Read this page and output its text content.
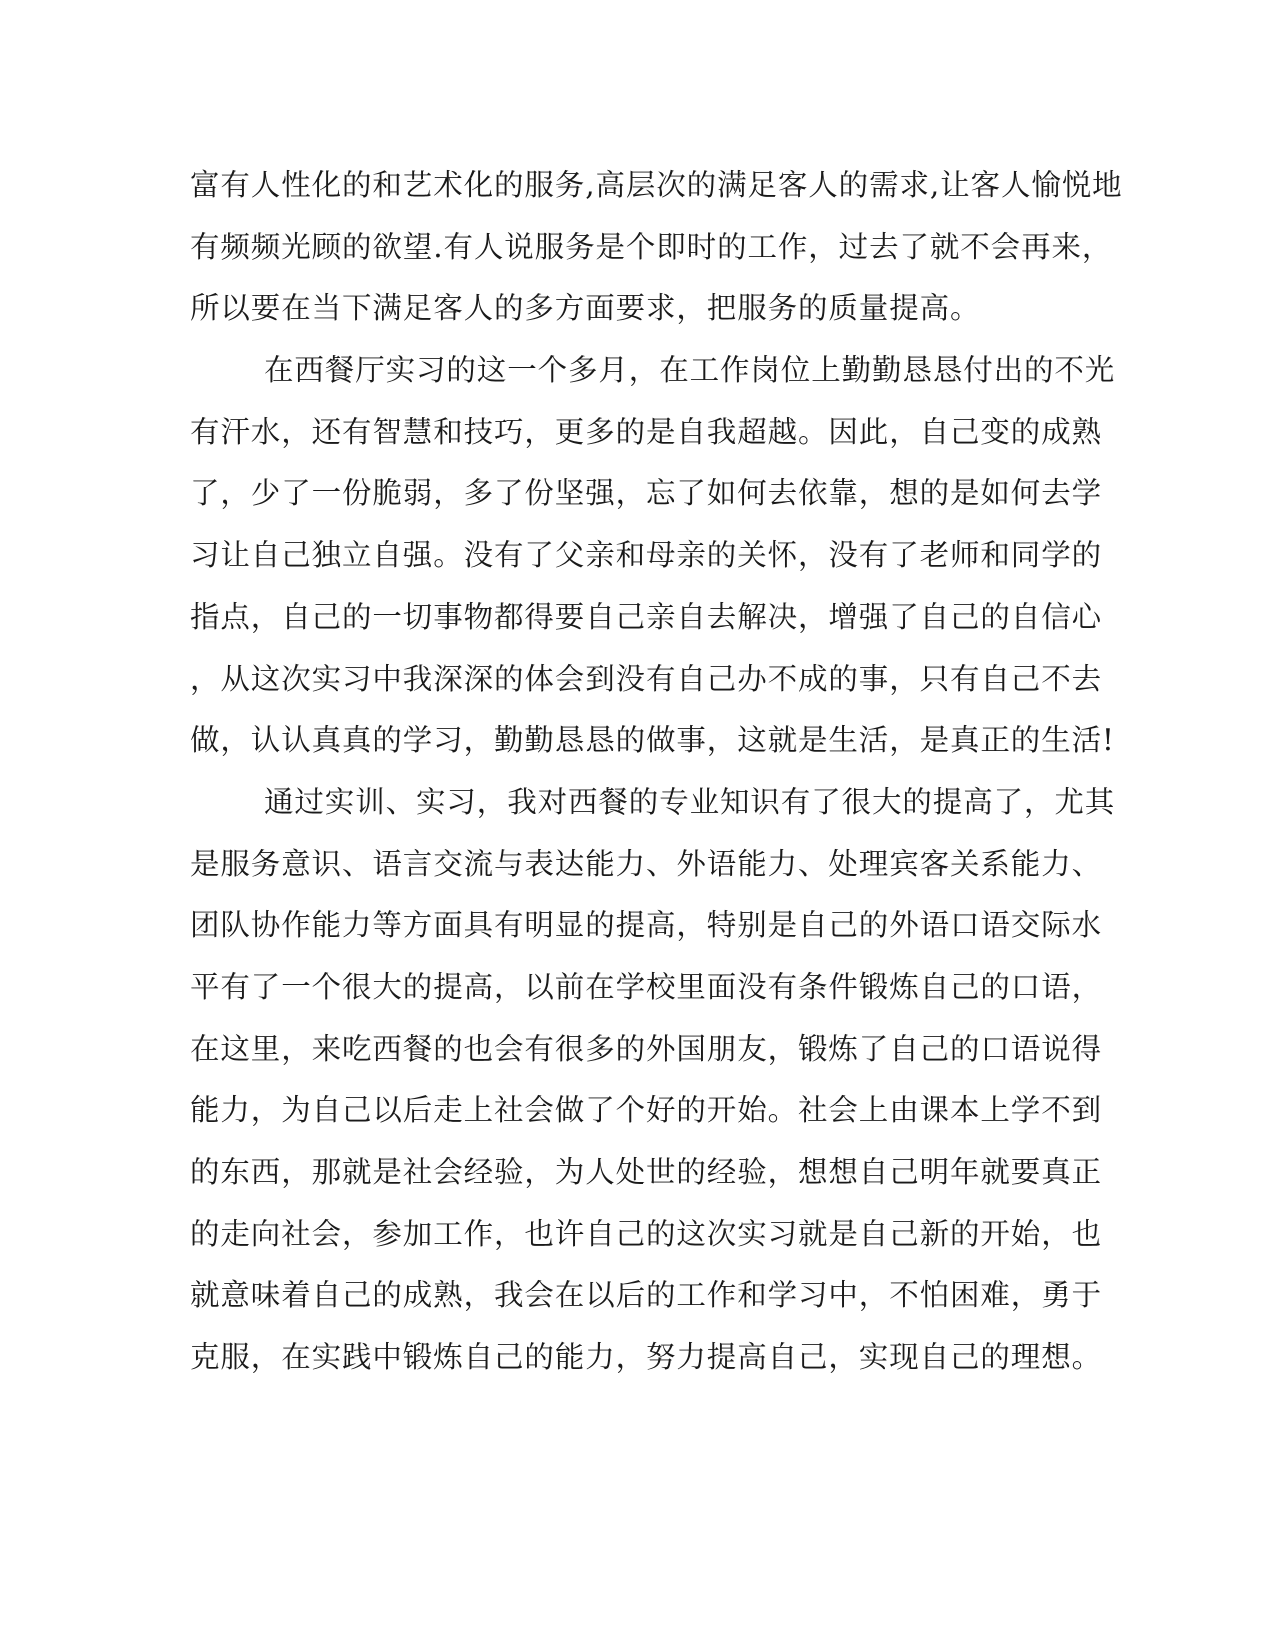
富有人性化的和艺术化的服务,高层次的满足客人的需求,让客人愉悦地
有频频光顾的欲望.有人说服务是个即时的工作，过去了就不会再来，
所以要在当下满足客人的多方面要求，把服务的质量提高。
在西餐厅实习的这一个多月，在工作岗位上勤勤恳恳付出的不光
有汗水，还有智慧和技巧，更多的是自我超越。因此，自己变的成熟
了，少了一份脆弱，多了份坚强，忘了如何去依靠，想的是如何去学
习让自己独立自强。没有了父亲和母亲的关怀，没有了老师和同学的
指点，自己的一切事物都得要自己亲自去解决，增强了自己的自信心
，从这次实习中我深深的体会到没有自己办不成的事，只有自己不去
做，认认真真的学习，勤勤恳恳的做事，这就是生活，是真正的生活!
通过实训、实习，我对西餐的专业知识有了很大的提高了，尤其
是服务意识、语言交流与表达能力、外语能力、处理宾客关系能力、
团队协作能力等方面具有明显的提高，特别是自己的外语口语交际水
平有了一个很大的提高，以前在学校里面没有条件锻炼自己的口语，
在这里，来吃西餐的也会有很多的外国朋友，锻炼了自己的口语说得
能力，为自己以后走上社会做了个好的开始。社会上由课本上学不到
的东西，那就是社会经验，为人处世的经验，想想自己明年就要真正
的走向社会，参加工作，也许自己的这次实习就是自己新的开始，也
就意味着自己的成熟，我会在以后的工作和学习中，不怕困难，勇于
克服，在实践中锻炼自己的能力，努力提高自己，实现自己的理想。
